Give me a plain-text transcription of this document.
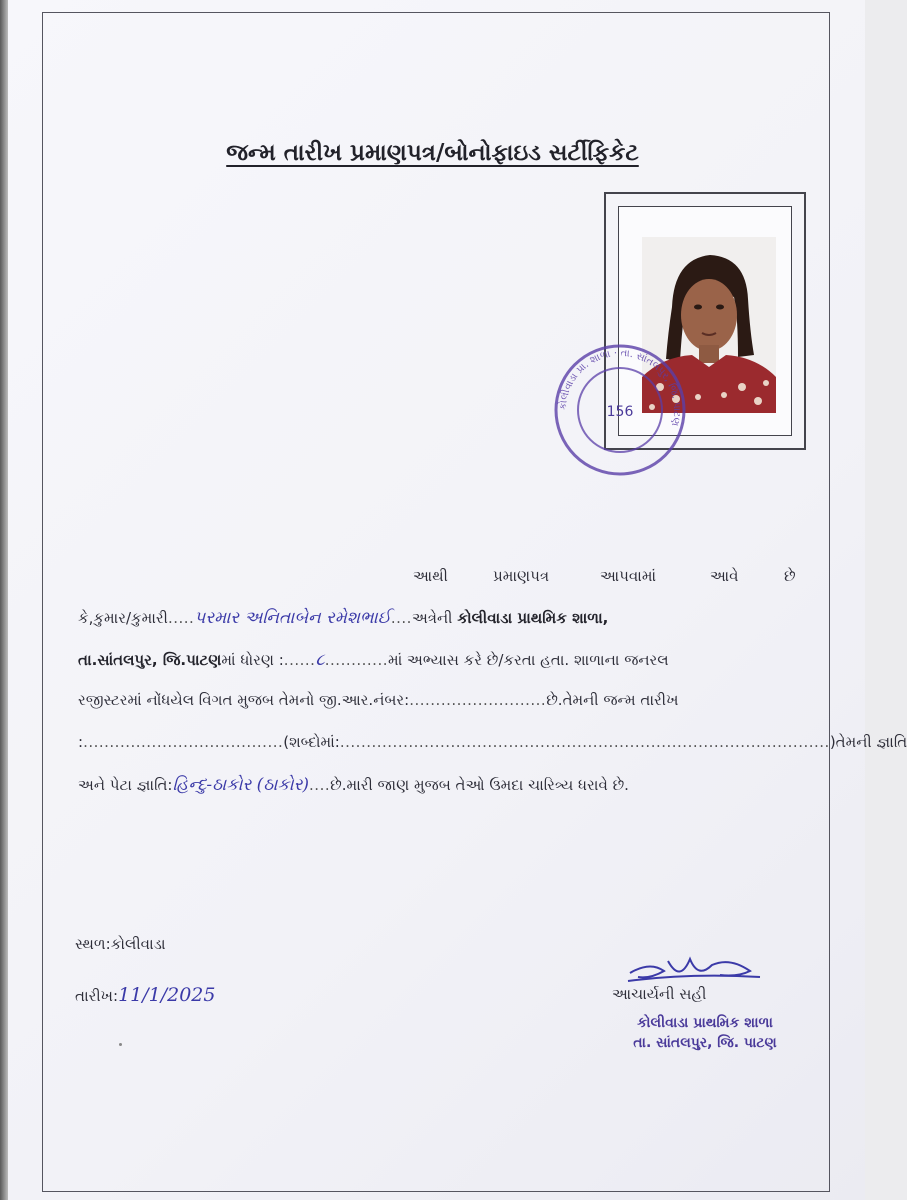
જન્મ તારીખ પ્રમાણપત્ર/બોનોફાઇડ સર્ટીફિકેટ
કોલીવાડા પ્રા. શાળા · તા. સાંતલપુર, જિ. પાટણ
156
આથી	પ્રમાણપત્ર	આપવામાં	આવે	છે
કે,કુમાર/કુમારી.....પરમાર અનિતાબેન રમેશભાઈ....અત્રેની કોલીવાડા પ્રાથમિક શાળા,
તા.સાંતલપુર, જિ.પાટણમાં ધોરણ :......૮............માં અભ્યાસ કરે છે/કરતા હતા. શાળાના જનરલ
રજીસ્ટરમાં નોંધયેલ વિગત મુજબ તેમનો જી.આર.નંબર:..........................છે.તેમની જન્મ તારીખ
:......................................(શબ્દોમાં:.............................................................................................)તેમની જ્ઞાતિ
અને પેટા જ્ઞાતિ:હિન્દુ-ઠાકોર (ઠાકોર)....છે.મારી જાણ મુજબ તેઓ ઉમદા ચારિત્ર્ય ધરાવે છે.
સ્થળ:કોલીવાડા
તારીખ:11/1/2025	આચાર્યની સહી
કોલીવાડા પ્રાથમિક શાળા
તા. સાંતલપુર, જિ. પાટણ
